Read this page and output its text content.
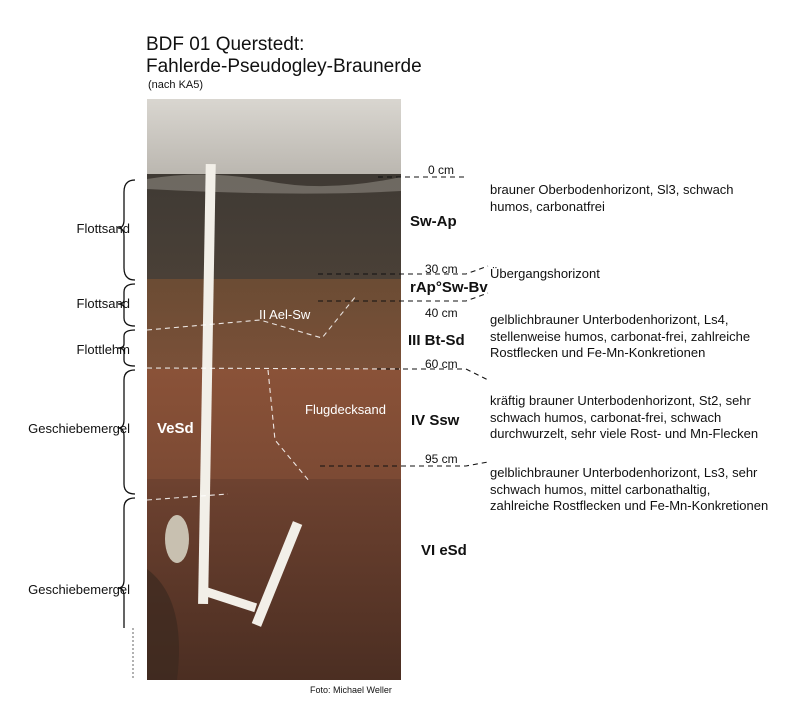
BDF 01 Querstedt:
Fahlerde-Pseudogley-Braunerde
(nach KA5)
Sw-Ap
rAp°Sw-Bv
II Ael-Sw
III Bt-Sd
IV Ssw
VI eSd
VeSd
Flugdecksand
0 cm
30 cm
40 cm
60 cm
95 cm
Flottsand
Flottsand
Flottlehm
Geschiebemergel
Geschiebemergel
brauner Oberbodenhorizont, Sl3, schwach
humos, carbonatfrei
Übergangshorizont
gelblichbrauner Unterbodenhorizont, Ls4,
stellenweise humos, carbonat-frei, zahlreiche
Rostflecken und Fe-Mn-Konkretionen
kräftig brauner Unterbodenhorizont, St2, sehr
schwach humos, carbonat-frei, schwach
durchwurzelt, sehr viele Rost- und Mn-Flecken
gelblichbrauner Unterbodenhorizont, Ls3, sehr
schwach humos, mittel carbonathaltig,
zahlreiche Rostflecken und Fe-Mn-Konkretionen
Foto: Michael Weller
